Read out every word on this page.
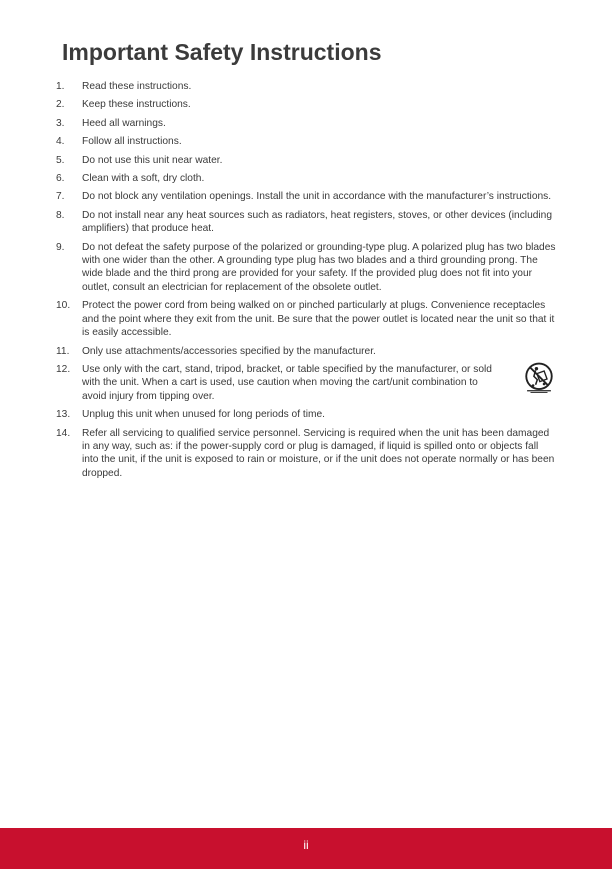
Important Safety Instructions
1.	Read these instructions.
2.	Keep these instructions.
3.	Heed all warnings.
4.	Follow all instructions.
5.	Do not use this unit near water.
6.	Clean with a soft, dry cloth.
7.	Do not block any ventilation openings. Install the unit in accordance with the manufacturer’s instructions.
8.	Do not install near any heat sources such as radiators, heat registers, stoves, or other devices (including amplifiers) that produce heat.
9.	Do not defeat the safety purpose of the polarized or grounding-type plug. A polarized plug has two blades with one wider than the other. A grounding type plug has two blades and a third grounding prong. The wide blade and the third prong are provided for your safety. If the provided plug does not fit into your outlet, consult an electrician for replacement of the obsolete outlet.
10.	Protect the power cord from being walked on or pinched particularly at plugs. Convenience receptacles and the point where they exit from the unit. Be sure that the power outlet is located near the unit so that it is easily accessible.
11.	Only use attachments/accessories specified by the manufacturer.
12.	Use only with the cart, stand, tripod, bracket, or table specified by the manufacturer, or sold with the unit. When a cart is used, use caution when moving the cart/unit combination to avoid injury from tipping over.
13.	Unplug this unit when unused for long periods of time.
14.	Refer all servicing to qualified service personnel. Servicing is required when the unit has been damaged in any way, such as: if the power-supply cord or plug is damaged, if liquid is spilled onto or objects fall into the unit, if the unit is exposed to rain or moisture, or if the unit does not operate normally or has been dropped.
ii
